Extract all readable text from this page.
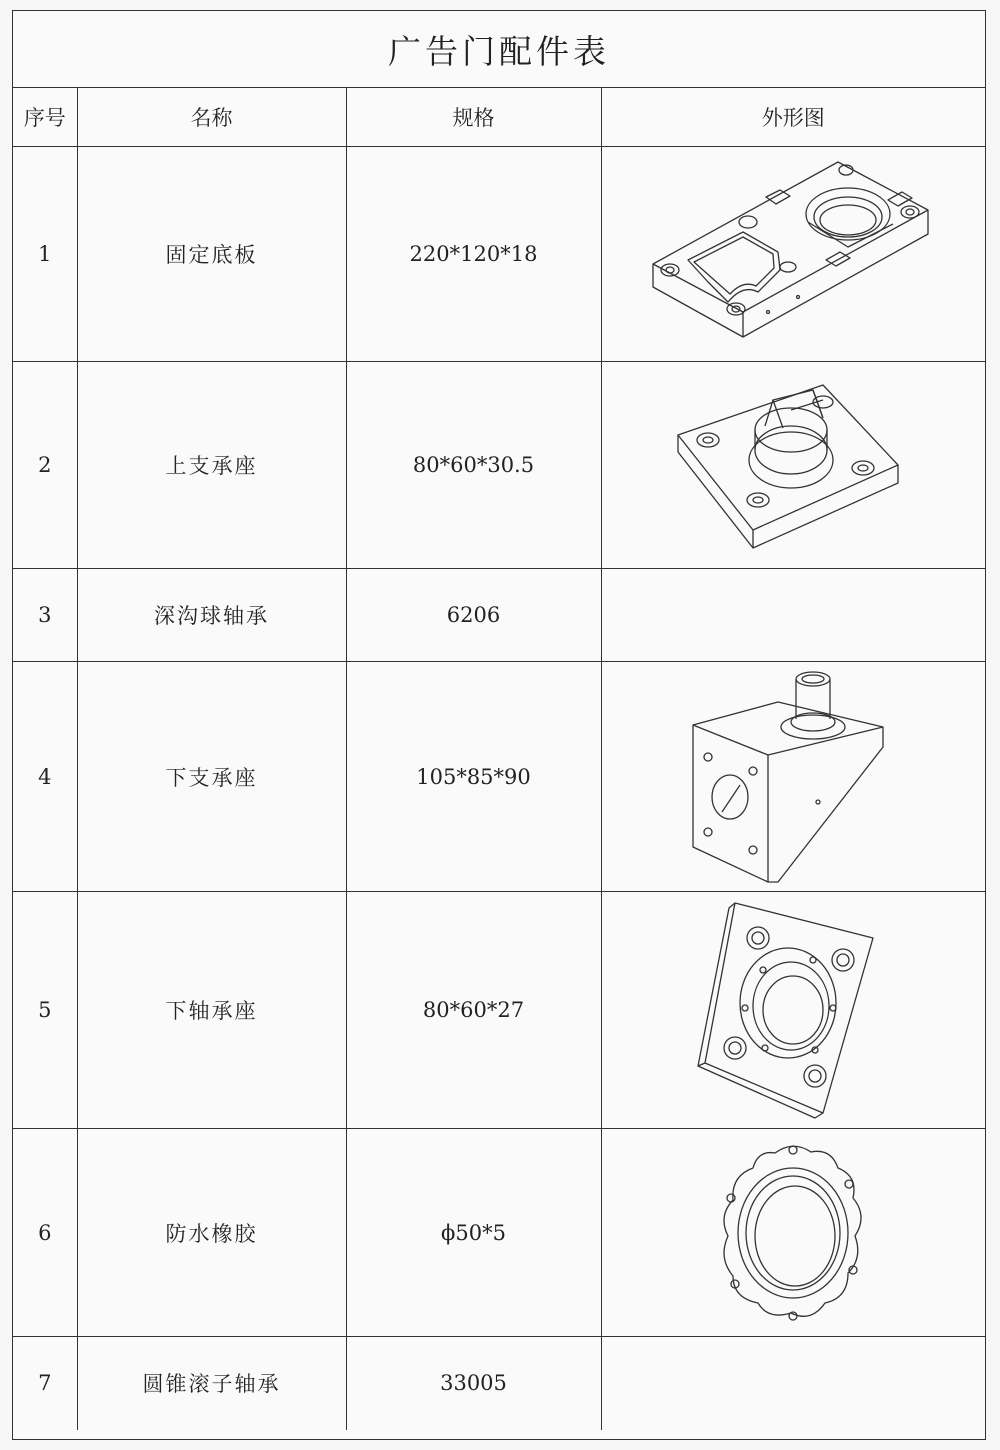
广告门配件表
序号	名称	规格	外形图
1	固定底板	220*120*18	

2	上支承座	80*60*30.5	

3	深沟球轴承	6206	
4	下支承座	105*85*90	

5	下轴承座	80*60*27	

6	防水橡胶	ϕ50*5	

7	圆锥滚子轴承	33005	
